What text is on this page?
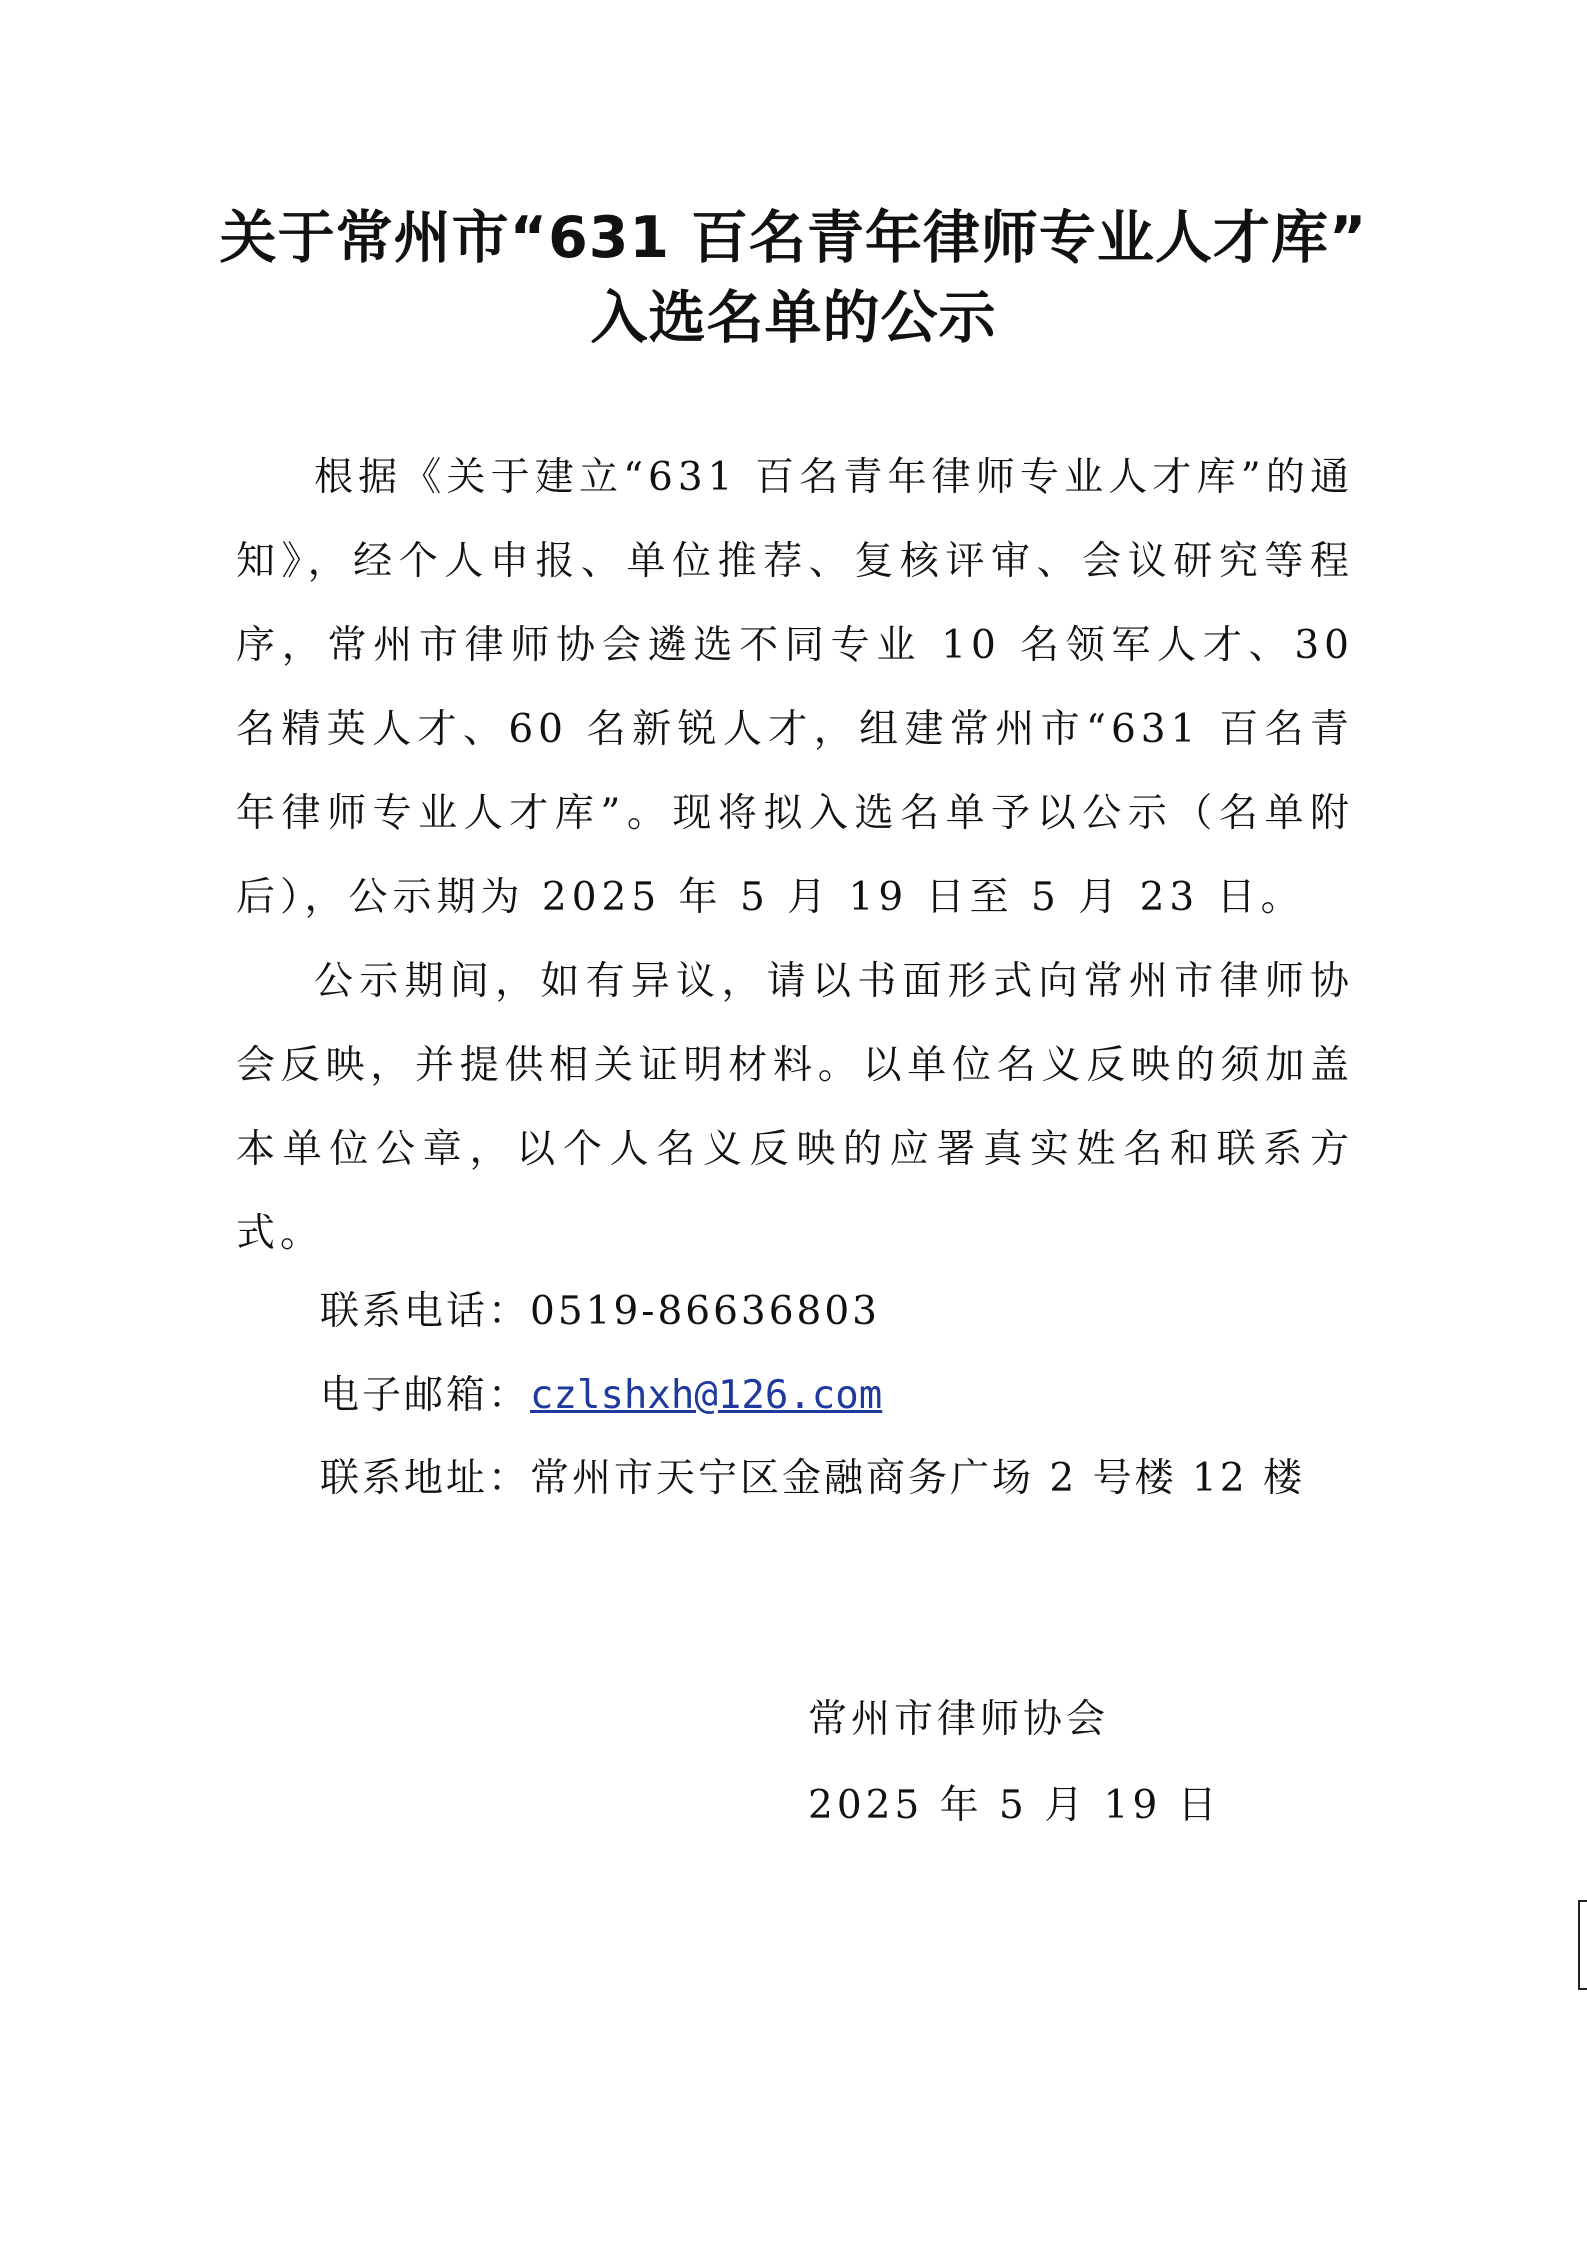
关于常州市“631 百名青年律师专业人才库”
入选名单的公示

根据《关于建立“631 百名青年律师专业人才库”的通知》，经个人申报、单位推荐、复核评审、会议研究等程序，常州市律师协会遴选不同专业 10 名领军人才、30 名精英人才、60 名新锐人才，组建常州市“631 百名青年律师专业人才库”。现将拟入选名单予以公示（名单附后），公示期为 2025 年 5 月 19 日至 5 月 23 日。

公示期间，如有异议，请以书面形式向常州市律师协会反映，并提供相关证明材料。以单位名义反映的须加盖本单位公章，以个人名义反映的应署真实姓名和联系方式。

联系电话：0519-86636803
电子邮箱：czlshxh@126.com
联系地址：常州市天宁区金融商务广场 2 号楼 12 楼
常州市律师协会
2025 年 5 月 19 日
